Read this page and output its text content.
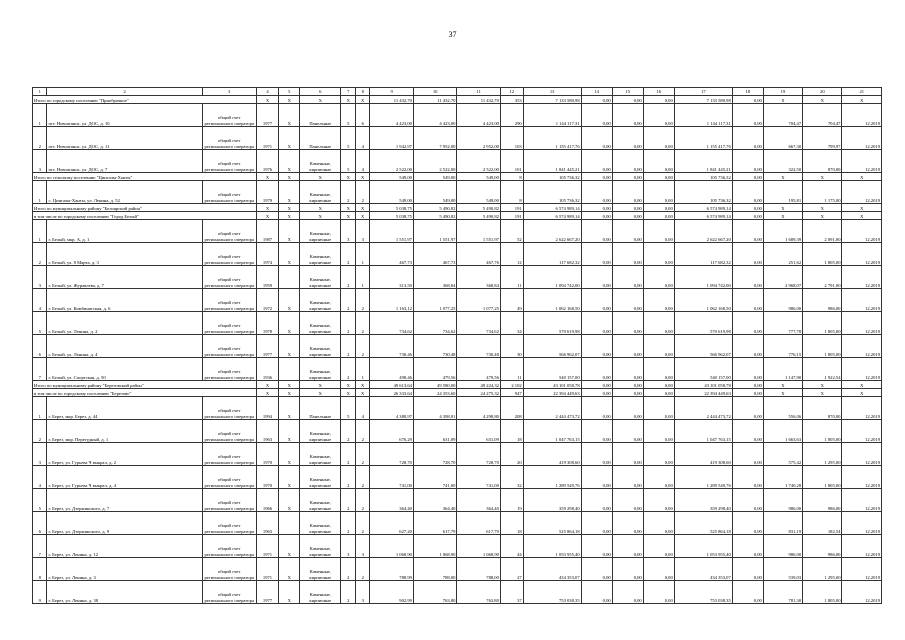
37
1	2	3	4	5	6	7	8	9	10	11	12	13	14	15	16	17	18	19	20	21
Итого по городскому поселению "Приобрачное"			X	X	X	X	X	11 432,70	11 432,70	11 432,70	353	7 133 580,98	0,00	0,00	0,00	7 133 580,98	0,00	X	X	X
1	пгт. Новоаганск, ул. ДОС, д. 10	общий счет регионального оператора	1977	X	Панельные	5	6	4 423,00	4 423,00	4 423,00	290	1 144 117,31	0,00	0,00	0,00	1 144 117,31	0,00	704,47	704,47	12.2019
2	пгт. Новоаганск, ул. ДОС, д. 11	общий счет регионального оператора	1971	X	Панельные	5	4	1 942,97	7 952,00	2 952,00	103	1 155 417,76	0,00	0,00	0,00	1 155 417,76	0,00	667,30	799,97	12.2019
3	пгт. Новоаганск, ул. ДОС, д. 7	общий счет регионального оператора	1976	X	Каменные, кирпичные	5	4	2 522,00	2 522,00	2 522,00	101	1 841 445,21	0,00	0,00	0,00	1 841 445,21	0,00	322,50	870,00	12.2019
Итого по сельскому поселению "Цингалы-Ханты"			X	X	X	X	X	549,00	549,00	549,00	8	105 736,32	0,00	0,00	0,00	105 736,32	0,00	X	X	X
1	с. Цингалы-Ханты, ул. Ленина, д. 52	общий счет регионального оператора	1979	X	Каменные, кирпичные	2	2	549,00	549,00	549,00	8	105 736,32	0,00	0,00	0,00	105 736,32	0,00	195,81	1 175,00	12.2019
Итого по муниципальному району "Белоярский район"			X	X	X	X	X	5 038,75	5 490,82	5 490,82	191	6 574 989,14	0,00	0,00	0,00	6 574 989,14	0,00	X	X	X
в том числе по городскому поселению "Город Белый"			X	X	X	X	X	5 038,75	5 490,82	5 490,82	191	6 574 989,14	0,00	0,00	0,00	6 574 989,14	0,00	X	X	X
1	г. Белый, мкр. А, д. 1	общий счет регионального оператора	1987	X	Каменные, кирпичные	3	3	1 551,97	1 551,97	1 551,97	52	2 622 667,20	0,00	0,00	0,00	2 622 667,20	0,00	1 689,39	2 091,00	12.2019
2	г. Белый, ул. 8 Марта, д. 3	общий счет регионального оператора	1974	X	Каменные, кирпичные	2	1	467,73	467,73	467,76	12	117 682,32	0,00	0,00	0,00	117 682,32	0,00	251,62	1 805,00	12.2019
3	г. Белый, ул. Журавлева, д. 7	общий счет регионального оператора	1959		Каменные, кирпичные	2	1	313,50	368,84	368,84	11	1 094 742,00	0,00	0,00	0,00	1 094 742,00	0,00	2 968,07	2 791,00	12.2019
4	г. Белый, ул. Комбинатская, д. 6	общий счет регионального оператора	1972	X	Каменные, кирпичные	2	2	1 163,12	1 077,25	1 077,25	49	1 062 168,50	0,00	0,00	0,00	1 062 168,50	0,00	986,00	986,00	12.2019
5	г. Белый, ул. Ленина, д. 2	общий счет регионального оператора	1978	X	Каменные, кирпичные	2	2	734,62	734,62	734,62	34	570 619,98	0,00	0,00	0,00	570 619,98	0,00	777,78	1 805,00	12.2019
6	г. Белый, ул. Ленина, д. 4	общий счет регионального оператора	1977	X	Каменные, кирпичные	2	2	730,46	730,48	730,48	30	566 962,07	0,00	0,00	0,00	566 962,07	0,00	776,15	1 805,00	12.2019
7	г. Белый, ул. Спортская, д. 50	общий счет регионального оператора	1936		Каменные, кирпичные	2	1	498,46	479,56	479,56	11	540 157,00	0,00	0,00	0,00	540 157,00	0,00	1 147,90	1 922,54	12.2019
Итого по муниципальному району "Березовский район"			X	X	X	X	X	49 613,64	49 580,00	49 224,32	2 102	43 101 058,78	0,00	0,00	0,00	43 101 058,78	0,00	X	X	X
в том числе по городскому поселению "Березово"			X	X	X	X	X	26 333,64	24 353,60	24 275,32	947	22 394 449,63	0,00	0,00	0,00	22 394 449,63	0,00	X	X	X
1	г. Берез, мкр. Берез, д. 44	общий счет регионального оператора	1994	X	Панельные	5	4	4 388,97	4 398,81	4 298,80	208	2 444 473,72	0,00	0,00	0,00	2 444 473,72	0,00	556,06	870,00	12.2019
2	г. Берез, мкр. Перегудный, д. 1	общий счет регионального оператора	1963	X	Каменные, кирпичные	2	2	676,29	631,09	631,09	18	1 047 763,15	0,00	0,00	0,00	1 047 763,15	0,00	1 663,63	1 805,00	12.2019
3	г. Берез, ул. Гурьева Ч выкрал, д. 2	общий счет регионального оператора	1970	X	Каменные, кирпичные	2	2	728,70	728,70	728,70	20	419 308,60	0,00	0,00	0,00	419 308,60	0,00	575,42	1 295,00	12.2019
4	г. Берез, ул. Гурьева Ч выкрал, д. 4	общий счет регионального оператора	1970	X	Каменные, кирпичные	2	2	741,00	741,00	741,00	32	1 289 549,76	0,00	0,00	0,00	1 289 549,76	0,00	1 740,28	1 805,00	12.2019
5	г. Берез, ул. Дзержинского, д. 7	общий счет регионального оператора	1966	X	Каменные, кирпичные	2	2	364,40	364,40	364,40	19	359 298,40	0,00	0,00	0,00	359 298,40	0,00	986,00	986,00	12.2019
6	г. Берез, ул. Дзержинского, д. 9	общий счет регионального оператора	1963		Каменные, кирпичные	2	2	627,20	617,79	617,79	18	525 864,18	0,00	0,00	0,00	525 864,18	0,00	831,19	182,54	12.2019
7	г. Берез, ул. Ленина, д. 12	общий счет регионального оператора	1971	X	Каменные, кирпичные	3	3	1 068,90	1 068,90	1 068,90	44	1 053 955,40	0,00	0,00	0,00	1 053 955,40	0,00	986,00	986,00	12.2019
8	г. Берез, ул. Ленина, д. 3	общий счет регионального оператора	1971	X	Каменные, кирпичные	2	2	788,99	788,00	788,00	27	434 353,07	0,00	0,00	0,00	434 353,07	0,00	539,03	1 295,00	12.2019
9	г. Берез, ул. Ленина, д. 38	общий счет регионального оператора	1977	X	Каменные, кирпичные	2	3	902,99	763,80	763,80	37	753 038,35	0,00	0,00	0,00	753 038,35	0,00	781,30	1 805,00	12.2019
